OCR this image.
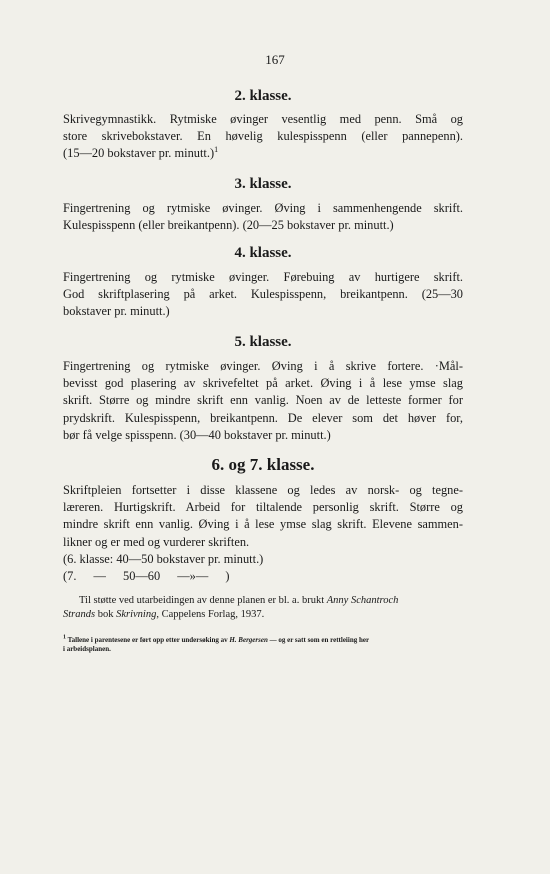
167
2. klasse.
Skrivegymnastikk. Rytmiske øvinger vesentlig med penn. Små og
store skrivebokstaver. En høvelig kulespisspenn (eller pannepenn).
(15—20 bokstaver pr. minutt.)$^1$
3. klasse.
Fingertrening og rytmiske øvinger. Øving i sammenhengende skrift.
Kulespisspenn (eller breikantpenn). (20—25 bokstaver pr. minutt.)
4. klasse.
Fingertrening og rytmiske øvinger. Førebuing av hurtigere skrift.
God skriftplasering på arket. Kulespisspenn, breikantpenn. (25—30
bokstaver pr. minutt.)
5. klasse.
Fingertrening og rytmiske øvinger. Øving i å skrive fortere. ·Mål-
bevisst god plasering av skrivefeltet på arket. Øving i å lese ymse slag
skrift. Større og mindre skrift enn vanlig. Noen av de letteste former for
prydskrift. Kulespisspenn, breikantpenn. De elever som det høver for,
bør få velge spisspenn. (30—40 bokstaver pr. minutt.)
6. og 7. klasse.
Skriftpleien fortsetter i disse klassene og ledes av norsk- og tegne-
læreren. Hurtigskrift. Arbeid for tiltalende personlig skrift. Større og
mindre skrift enn vanlig. Øving i å lese ymse slag skrift. Elevene sammen-
likner og er med og vurderer skriften.
(6. klasse: 40—50 bokstaver pr. minutt.)
(7. — 50—60 —»— )
Til støtte ved utarbeidingen av denne planen er bl. a. brukt Anny Schantroch
Strands bok Skrivning, Cappelens Forlag, 1937.
1 Tallene i parentesene er ført opp etter undersøking av H. Bergersen — og er satt som en rettleiing her
i arbeidsplanen.
